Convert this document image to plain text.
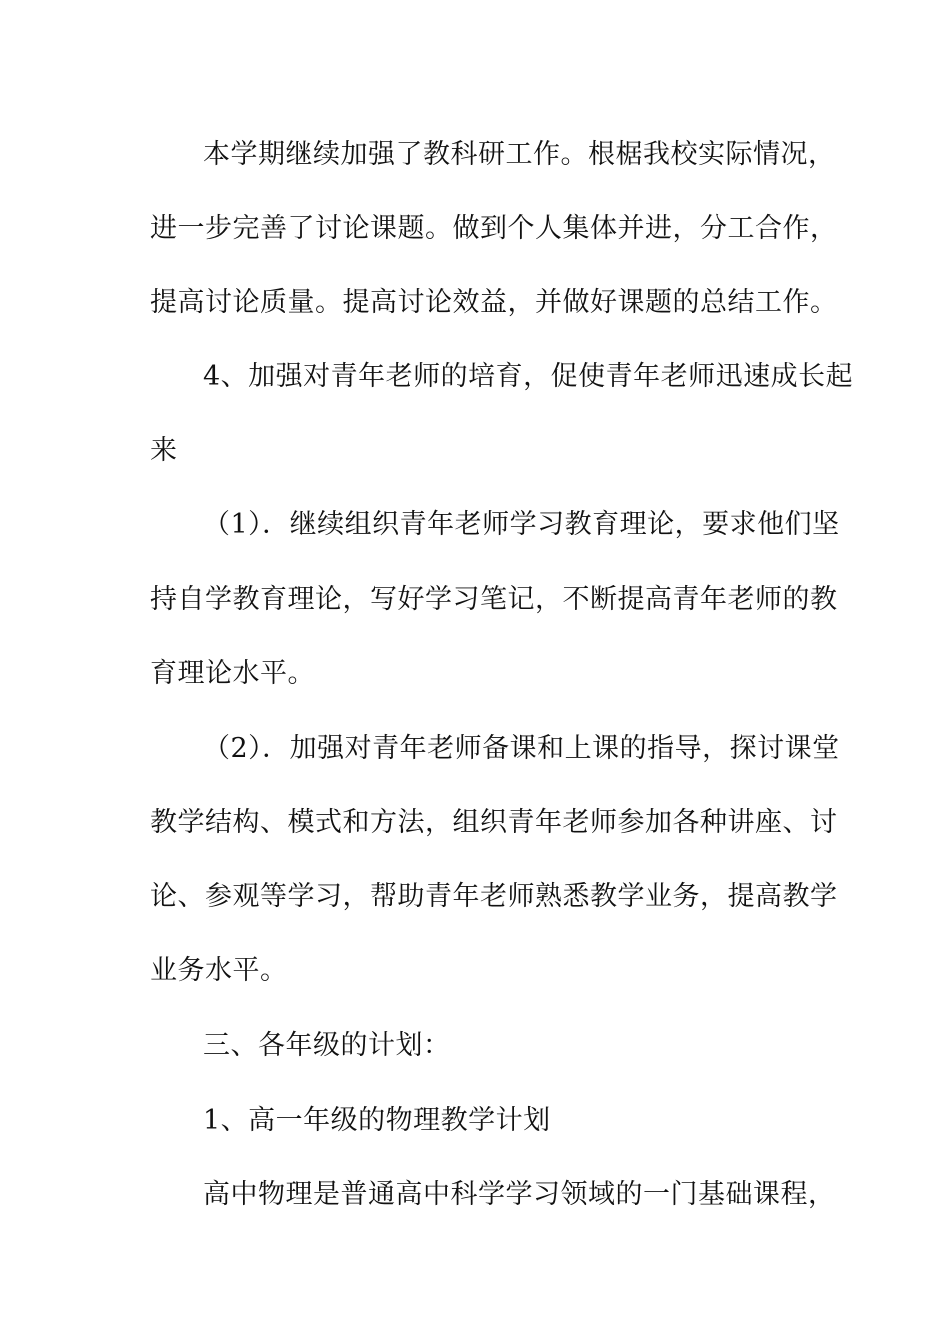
本学期继续加强了教科研工作。根椐我校实际情况，
进一步完善了讨论课题。做到个人集体并进，分工合作，
提高讨论质量。提高讨论效益，并做好课题的总结工作。
4、加强对青年老师的培育，促使青年老师迅速成长起
来
（1）．继续组织青年老师学习教育理论，要求他们坚
持自学教育理论，写好学习笔记，不断提高青年老师的教
育理论水平。
（2）．加强对青年老师备课和上课的指导，探讨课堂
教学结构、模式和方法，组织青年老师参加各种讲座、讨
论、参观等学习，帮助青年老师熟悉教学业务，提高教学
业务水平。
三、各年级的计划：
1、高一年级的物理教学计划
高中物理是普通高中科学学习领域的一门基础课程，
